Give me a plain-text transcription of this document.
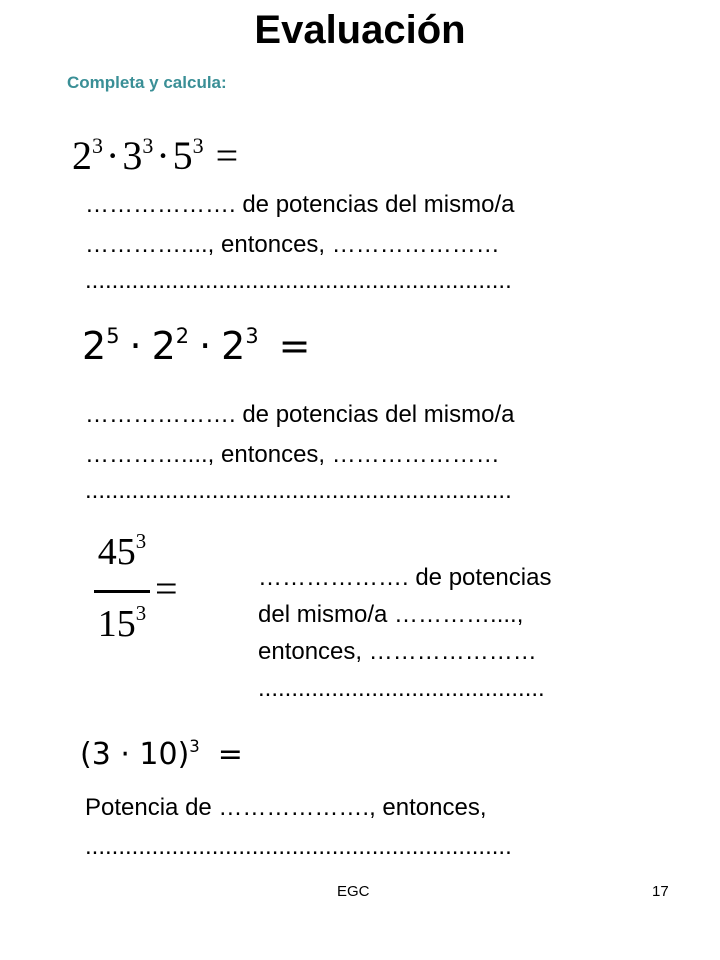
Evaluación
Completa y calcula:
$2^3\cdot 3^3\cdot 5^3$ =
………………. de potencias del mismo/a
…………...., entonces, …………………
................................................................
$2^5 \cdot 2^2 \cdot 2^3$ =
………………. de potencias del mismo/a
…………...., entonces, …………………
................................................................
$45^3$
$15^3$
=	………………. de potencias
del mismo/a …………....,
entonces, …………………
...........................................
$(3 \cdot 10)^3$ =
Potencia de ………………., entonces,
................................................................
EGC	17
